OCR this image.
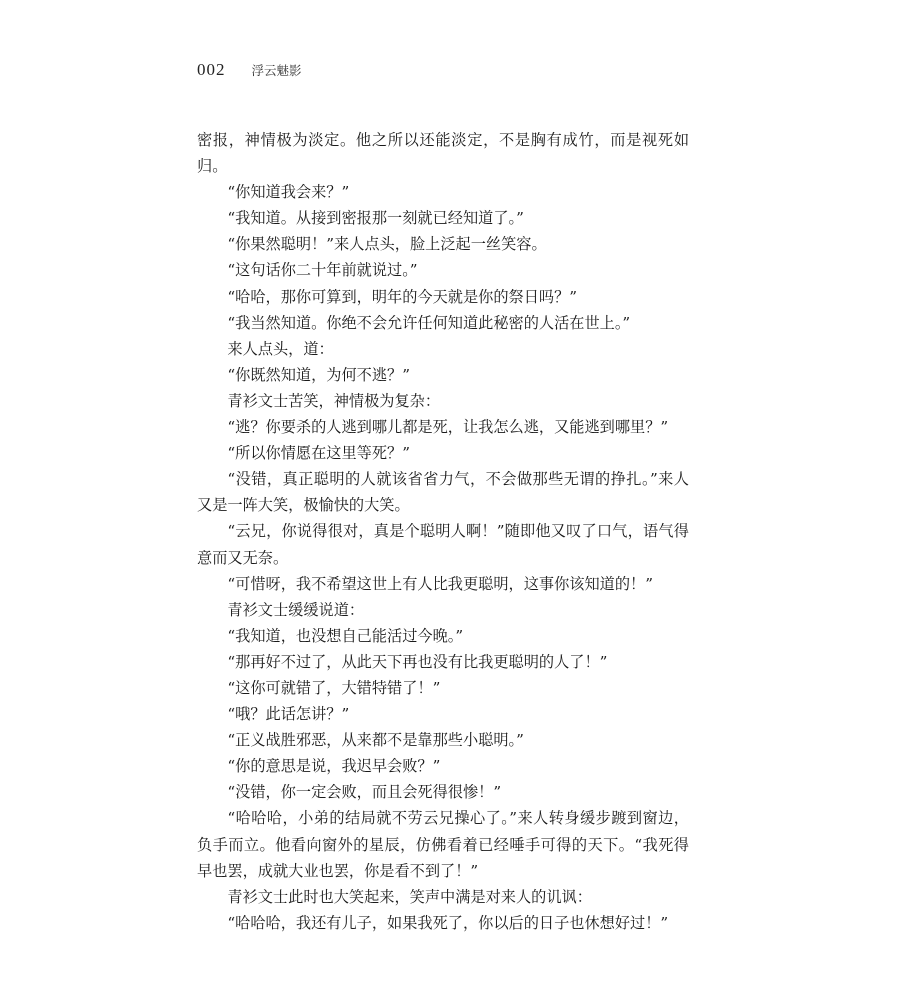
002 浮云魅影

密报，神情极为淡定。他之所以还能淡定，不是胸有成竹，而是视死如归。

“你知道我会来？”

“我知道。从接到密报那一刻就已经知道了。”

“你果然聪明！”来人点头，脸上泛起一丝笑容。

“这句话你二十年前就说过。”

“哈哈，那你可算到，明年的今天就是你的祭日吗？”

“我当然知道。你绝不会允许任何知道此秘密的人活在世上。”

来人点头，道：

“你既然知道，为何不逃？”

青衫文士苦笑，神情极为复杂：

“逃？你要杀的人逃到哪儿都是死，让我怎么逃，又能逃到哪里？”

“所以你情愿在这里等死？”

“没错，真正聪明的人就该省省力气，不会做那些无谓的挣扎。”来人又是一阵大笑，极愉快的大笑。

“云兄，你说得很对，真是个聪明人啊！”随即他又叹了口气，语气得意而又无奈。

“可惜呀，我不希望这世上有人比我更聪明，这事你该知道的！”

青衫文士缓缓说道：

“我知道，也没想自己能活过今晚。”

“那再好不过了，从此天下再也没有比我更聪明的人了！”

“这你可就错了，大错特错了！”

“哦？此话怎讲？”

“正义战胜邪恶，从来都不是靠那些小聪明。”

“你的意思是说，我迟早会败？”

“没错，你一定会败，而且会死得很惨！”

“哈哈哈，小弟的结局就不劳云兄操心了。”来人转身缓步踱到窗边，负手而立。他看向窗外的星辰，仿佛看着已经唾手可得的天下。“我死得早也罢，成就大业也罢，你是看不到了！”

青衫文士此时也大笑起来，笑声中满是对来人的讥讽：

“哈哈哈，我还有儿子，如果我死了，你以后的日子也休想好过！”
